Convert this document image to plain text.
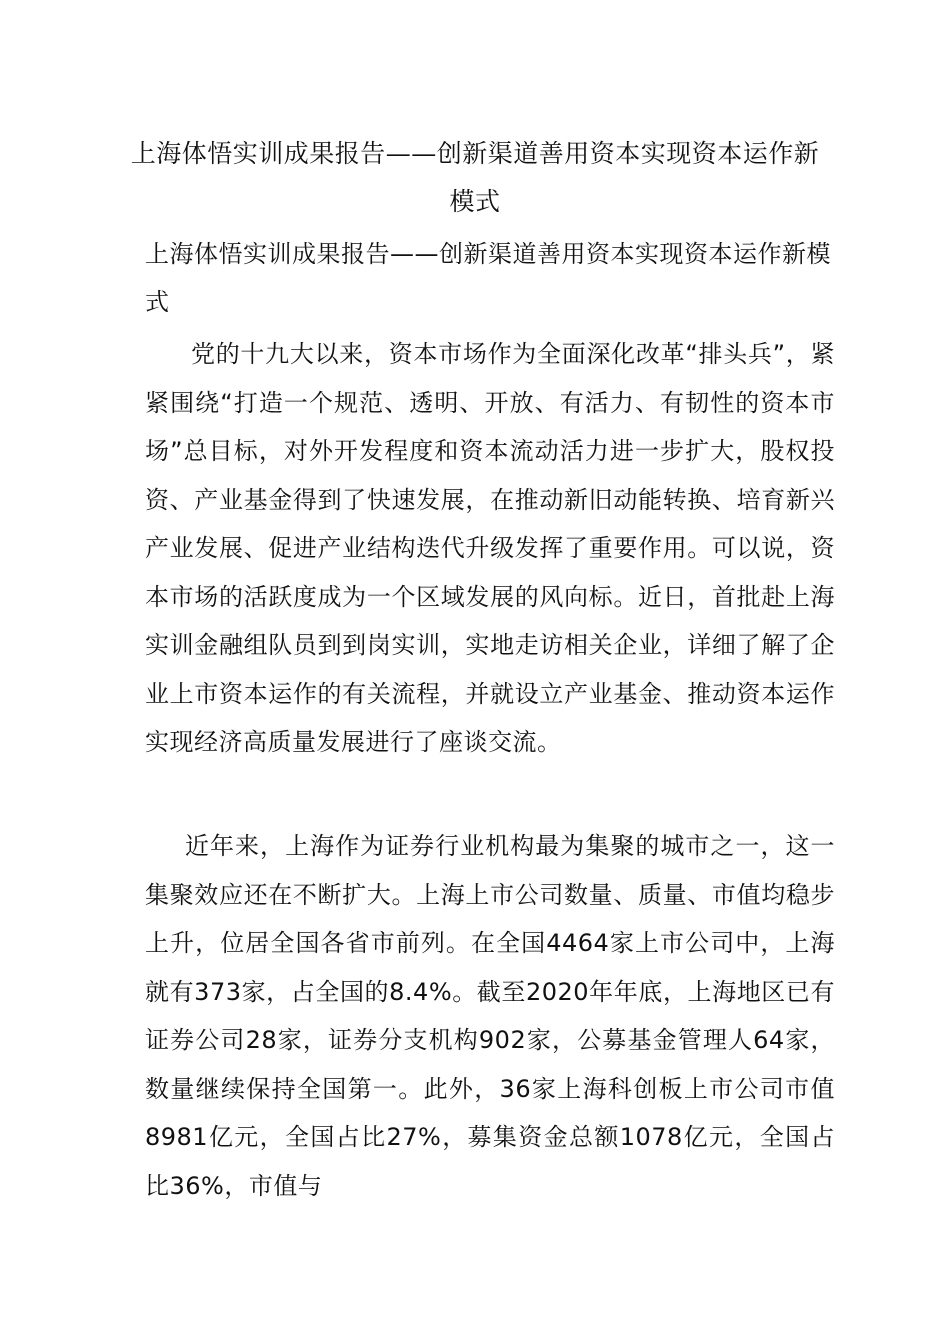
上海体悟实训成果报告——创新渠道善用资本实现资本运作新模式
上海体悟实训成果报告——创新渠道善用资本实现资本运作新模式

党的十九大以来，资本市场作为全面深化改革“排头兵”，紧紧围绕“打造一个规范、透明、开放、有活力、有韧性的资本市场”总目标，对外开发程度和资本流动活力进一步扩大，股权投资、产业基金得到了快速发展，在推动新旧动能转换、培育新兴产业发展、促进产业结构迭代升级发挥了重要作用。可以说，资本市场的活跃度成为一个区域发展的风向标。近日，首批赴上海实训金融组队员到到岗实训，实地走访相关企业，详细了解了企业上市资本运作的有关流程，并就设立产业基金、推动资本运作实现经济高质量发展进行了座谈交流。

近年来，上海作为证券行业机构最为集聚的城市之一，这一集聚效应还在不断扩大。上海上市公司数量、质量、市值均稳步上升，位居全国各省市前列。在全国4464家上市公司中，上海就有373家，占全国的8.4%。截至2020年年底，上海地区已有证券公司28家，证券分支机构902家，公募基金管理人64家，数量继续保持全国第一。此外，36家上海科创板上市公司市值8981亿元，全国占比27%，募集资金总额1078亿元，全国占比36%，市值与
